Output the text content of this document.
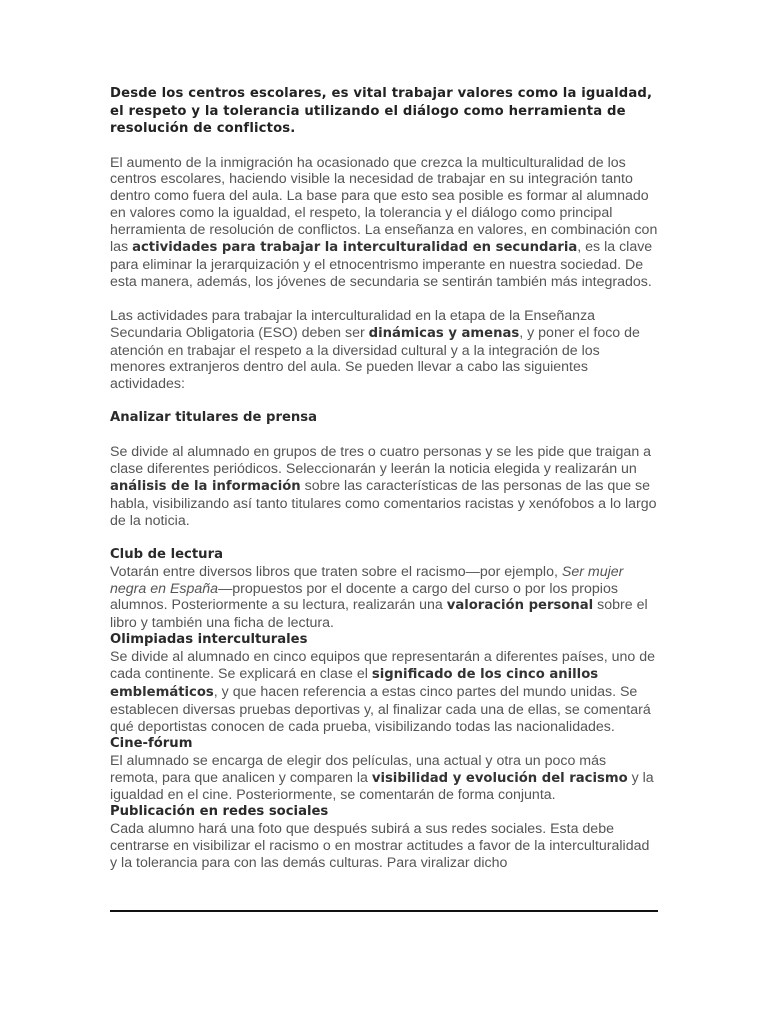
Desde los centros escolares, es vital trabajar valores como la igualdad, el respeto y la tolerancia utilizando el diálogo como herramienta de resolución de conflictos.

El aumento de la inmigración ha ocasionado que crezca la multiculturalidad de los centros escolares, haciendo visible la necesidad de trabajar en su integración tanto dentro como fuera del aula. La base para que esto sea posible es formar al alumnado en valores como la igualdad, el respeto, la tolerancia y el diálogo como principal herramienta de resolución de conflictos. La enseñanza en valores, en combinación con las actividades para trabajar la interculturalidad en secundaria, es la clave para eliminar la jerarquización y el etnocentrismo imperante en nuestra sociedad. De esta manera, además, los jóvenes de secundaria se sentirán también más integrados.

Las actividades para trabajar la interculturalidad en la etapa de la Enseñanza Secundaria Obligatoria (ESO) deben ser dinámicas y amenas, y poner el foco de atención en trabajar el respeto a la diversidad cultural y a la integración de los menores extranjeros dentro del aula. Se pueden llevar a cabo las siguientes actividades:

Analizar titulares de prensa

Se divide al alumnado en grupos de tres o cuatro personas y se les pide que traigan a clase diferentes periódicos. Seleccionarán y leerán la noticia elegida y realizarán un análisis de la información sobre las características de las personas de las que se habla, visibilizando así tanto titulares como comentarios racistas y xenófobos a lo largo de la noticia.

Club de lectura

Votarán entre diversos libros que traten sobre el racismo—por ejemplo, Ser mujer negra en España—propuestos por el docente a cargo del curso o por los propios alumnos. Posteriormente a su lectura, realizarán una valoración personal sobre el libro y también una ficha de lectura.

Olimpiadas interculturales

Se divide al alumnado en cinco equipos que representarán a diferentes países, uno de cada continente. Se explicará en clase el significado de los cinco anillos emblemáticos, y que hacen referencia a estas cinco partes del mundo unidas. Se establecen diversas pruebas deportivas y, al finalizar cada una de ellas, se comentará qué deportistas conocen de cada prueba, visibilizando todas las nacionalidades.

Cine-fórum

El alumnado se encarga de elegir dos películas, una actual y otra un poco más remota, para que analicen y comparen la visibilidad y evolución del racismo y la igualdad en el cine. Posteriormente, se comentarán de forma conjunta.

Publicación en redes sociales

Cada alumno hará una foto que después subirá a sus redes sociales. Esta debe centrarse en visibilizar el racismo o en mostrar actitudes a favor de la interculturalidad y la tolerancia para con las demás culturas. Para viralizar dicho
